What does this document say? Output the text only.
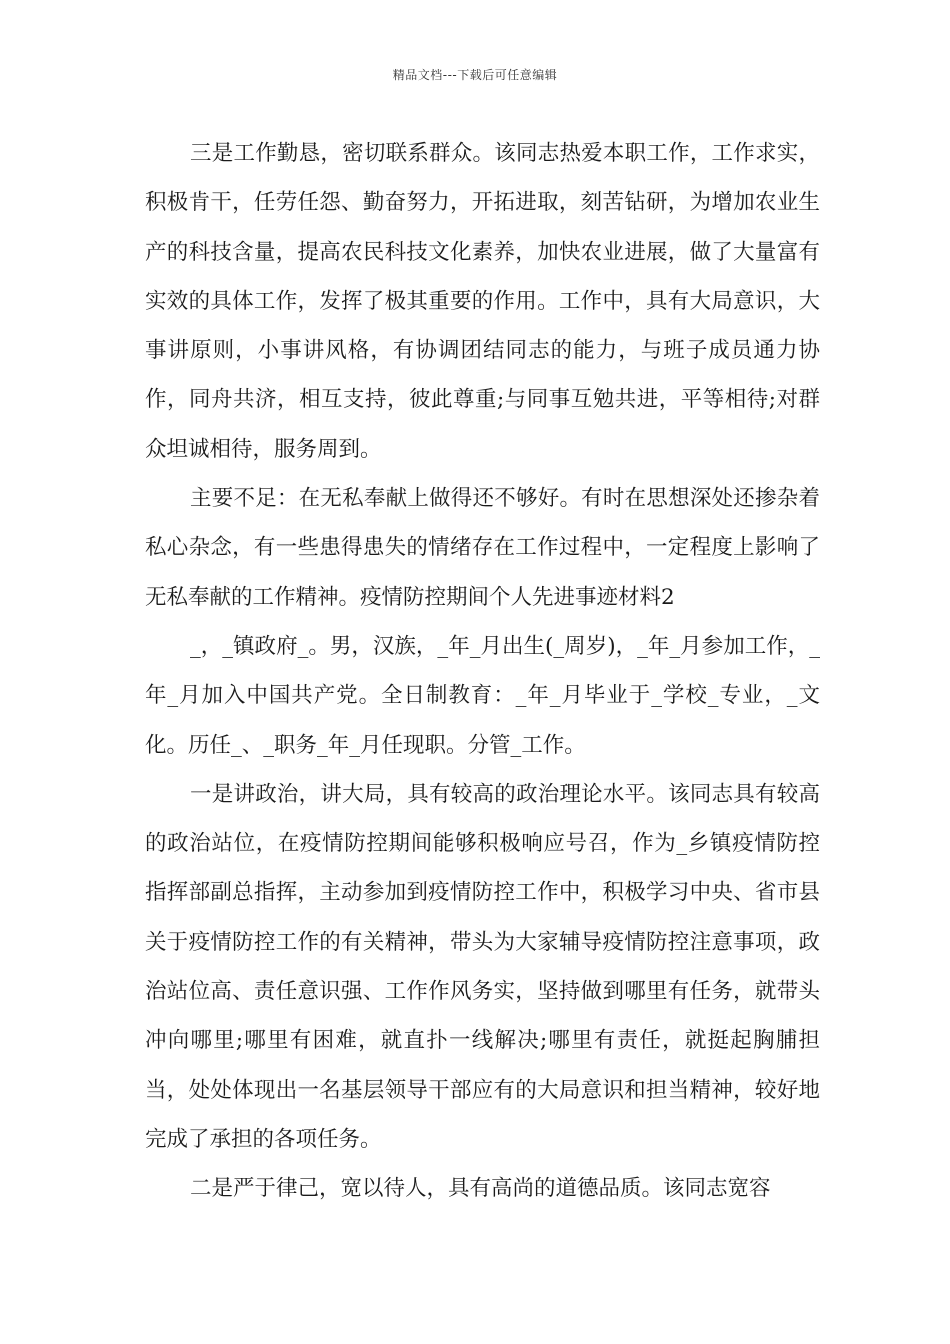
精品文档---下载后可任意编辑

三是工作勤恳，密切联系群众。该同志热爱本职工作，工作求实，积极肯干，任劳任怨、勤奋努力，开拓进取，刻苦钻研，为增加农业生产的科技含量，提高农民科技文化素养，加快农业进展，做了大量富有实效的具体工作，发挥了极其重要的作用。工作中，具有大局意识，大事讲原则，小事讲风格，有协调团结同志的能力，与班子成员通力协作，同舟共济，相互支持，彼此尊重;与同事互勉共进，平等相待;对群众坦诚相待，服务周到。

主要不足：在无私奉献上做得还不够好。有时在思想深处还掺杂着私心杂念，有一些患得患失的情绪存在工作过程中，一定程度上影响了无私奉献的工作精神。疫情防控期间个人先进事迹材料2

_，_镇政府_。男，汉族，_年_月出生(_周岁)，_年_月参加工作，_年_月加入中国共产党。全日制教育：_年_月毕业于_学校_专业，_文化。历任_、_职务_年_月任现职。分管_工作。

一是讲政治，讲大局，具有较高的政治理论水平。该同志具有较高的政治站位，在疫情防控期间能够积极响应号召，作为_乡镇疫情防控指挥部副总指挥，主动参加到疫情防控工作中，积极学习中央、省市县关于疫情防控工作的有关精神，带头为大家辅导疫情防控注意事项，政治站位高、责任意识强、工作作风务实，坚持做到哪里有任务，就带头冲向哪里;哪里有困难，就直扑一线解决;哪里有责任，就挺起胸脯担当，处处体现出一名基层领导干部应有的大局意识和担当精神，较好地完成了承担的各项任务。

二是严于律己，宽以待人，具有高尚的道德品质。该同志宽容
